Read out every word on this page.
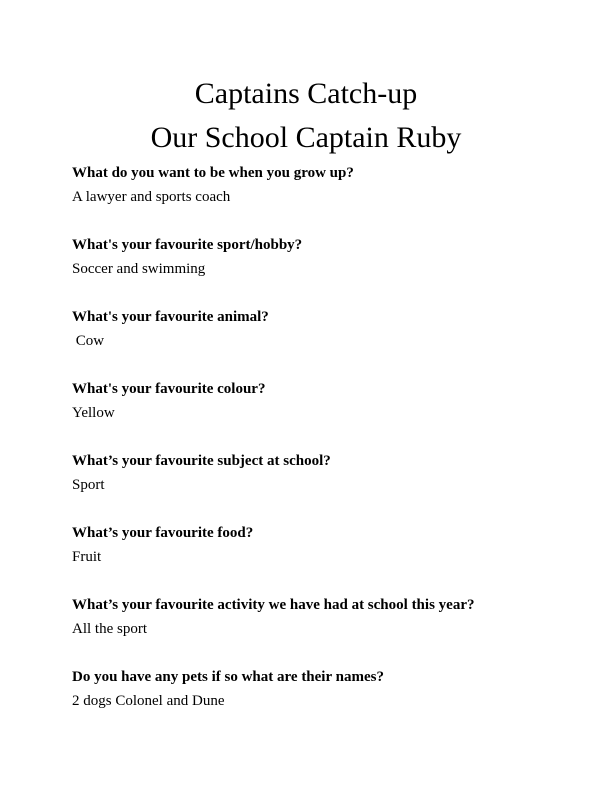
Captains Catch-up
Our School Captain Ruby

What do you want to be when you grow up?

A lawyer and sports coach

What's your favourite sport/hobby?

Soccer and swimming

What's your favourite animal?

Cow

What's your favourite colour?

Yellow

What’s your favourite subject at school?

Sport

What’s your favourite food?

Fruit

What’s your favourite activity we have had at school this year?

All the sport

Do you have any pets if so what are their names?

2 dogs Colonel and Dune
